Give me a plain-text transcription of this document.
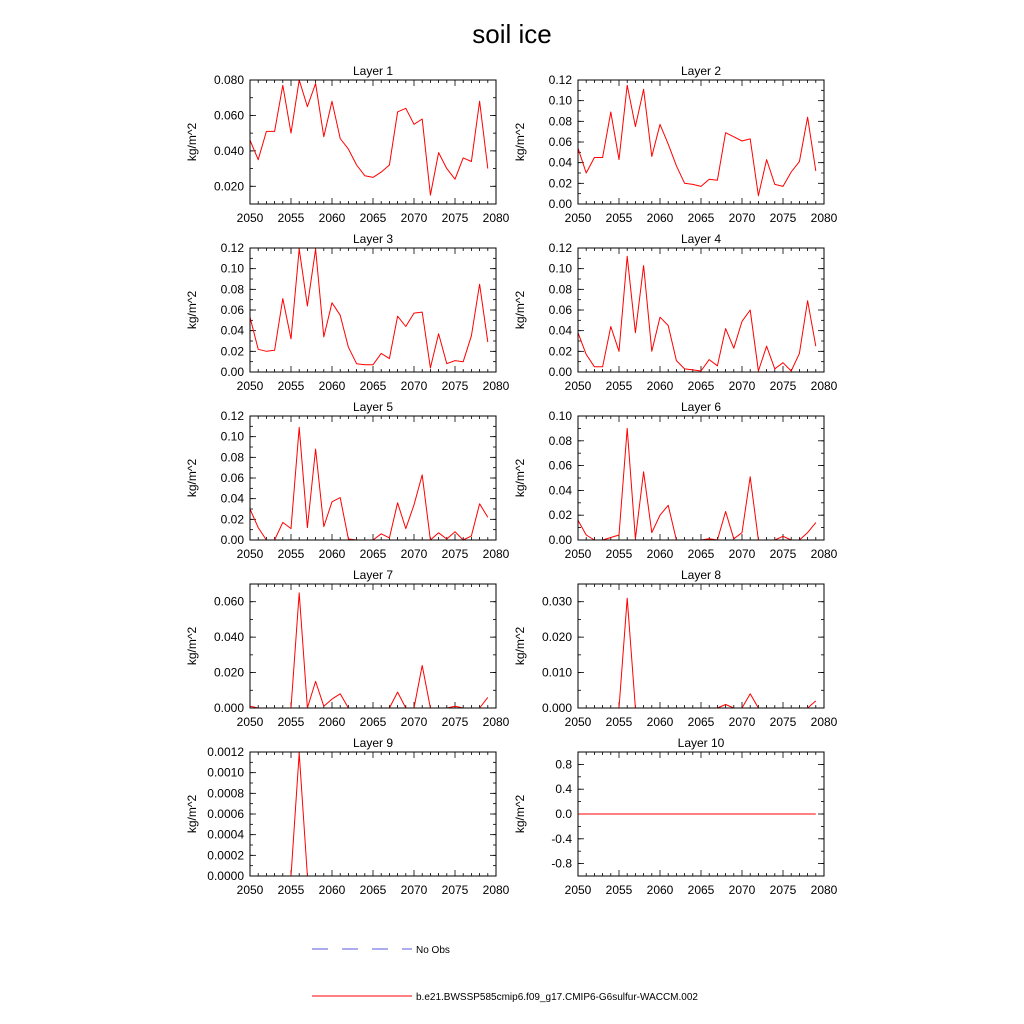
soil ice
Layer 1
2050 2055 2060 2065 2070 2075 2080
0.020
0.040
0.060
0.080
kg/m^2
Layer 2
2050 2055 2060 2065 2070 2075 2080
0.00
0.02
0.04
0.06
0.08
0.10
0.12
kg/m^2
Layer 3
2050 2055 2060 2065 2070 2075 2080
0.00
0.02
0.04
0.06
0.08
0.10
0.12
kg/m^2
Layer 4
2050 2055 2060 2065 2070 2075 2080
0.00
0.02
0.04
0.06
0.08
0.10
0.12
kg/m^2
Layer 5
2050 2055 2060 2065 2070 2075 2080
0.00
0.02
0.04
0.06
0.08
0.10
0.12
kg/m^2
Layer 6
2050 2055 2060 2065 2070 2075 2080
0.00
0.02
0.04
0.06
0.08
0.10
kg/m^2
Layer 7
2050 2055 2060 2065 2070 2075 2080
0.000
0.020
0.040
0.060
kg/m^2
Layer 8
2050 2055 2060 2065 2070 2075 2080
0.000
0.010
0.020
0.030
kg/m^2
Layer 9
2050 2055 2060 2065 2070 2075 2080
0.0000
0.0002
0.0004
0.0006
0.0008
0.0010
0.0012
kg/m^2
Layer 10
2050 2055 2060 2065 2070 2075 2080
-0.8
-0.4
0.0
0.4
0.8
kg/m^2
No Obs
b.e21.BWSSP585cmip6.f09_g17.CMIP6-G6sulfur-WACCM.002
